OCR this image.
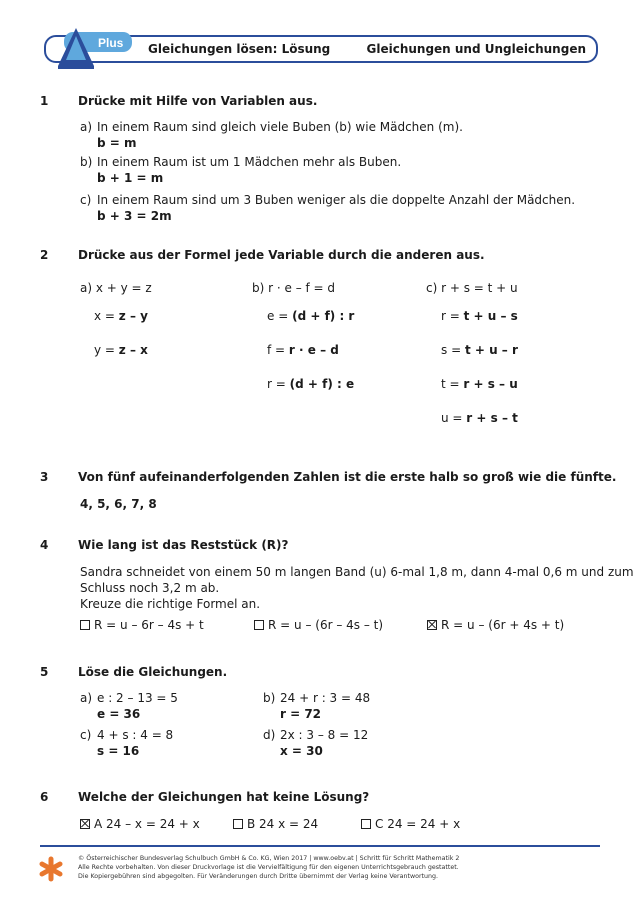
Plus Gleichungen lösen: Lösung	Gleichungen und Ungleichungen
1 Drücke mit Hilfe von Variablen aus.
a) In einem Raum sind gleich viele Buben (b) wie Mädchen (m).
b = m
b) In einem Raum ist um 1 Mädchen mehr als Buben.
b + 1 = m
c) In einem Raum sind um 3 Buben weniger als die doppelte Anzahl der Mädchen.
b + 3 = 2m
2 Drücke aus der Formel jede Variable durch die anderen aus.
a) x + y = z
x = z – y
y = z – x
b) r · e – f = d
e = (d + f) : r
f = r · e – d
r = (d + f) : e
c) r + s = t + u
r = t + u – s
s = t + u – r
t = r + s – u
u = r + s – t
3 Von fünf aufeinanderfolgenden Zahlen ist die erste halb so groß wie die fünfte.
4, 5, 6, 7, 8
4 Wie lang ist das Reststück (R)?
Sandra schneidet von einem 50 m langen Band (u) 6-mal 1,8 m, dann 4-mal 0,6 m und zum
Schluss noch 3,2 m ab.
Kreuze die richtige Formel an.
R = u – 6r – 4s + t	R = u – (6r – 4s – t)	R = u – (6r + 4s + t)
5 Löse die Gleichungen.
a) e : 2 – 13 = 5
e = 36
b) 24 + r : 3 = 48
r = 72
c) 4 + s : 4 = 8
s = 16
d) 2x : 3 – 8 = 12
x = 30
6 Welche der Gleichungen hat keine Lösung?
A 24 – x = 24 + x	B 24 x = 24	C 24 = 24 + x
© Österreichischer Bundesverlag Schulbuch GmbH & Co. KG, Wien 2017 | www.oebv.at | Schritt für Schritt Mathematik 2
Alle Rechte vorbehalten. Von dieser Druckvorlage ist die Vervielfältigung für den eigenen Unterrichtsgebrauch gestattet.
Die Kopiergebühren sind abgegolten. Für Veränderungen durch Dritte übernimmt der Verlag keine Verantwortung.
